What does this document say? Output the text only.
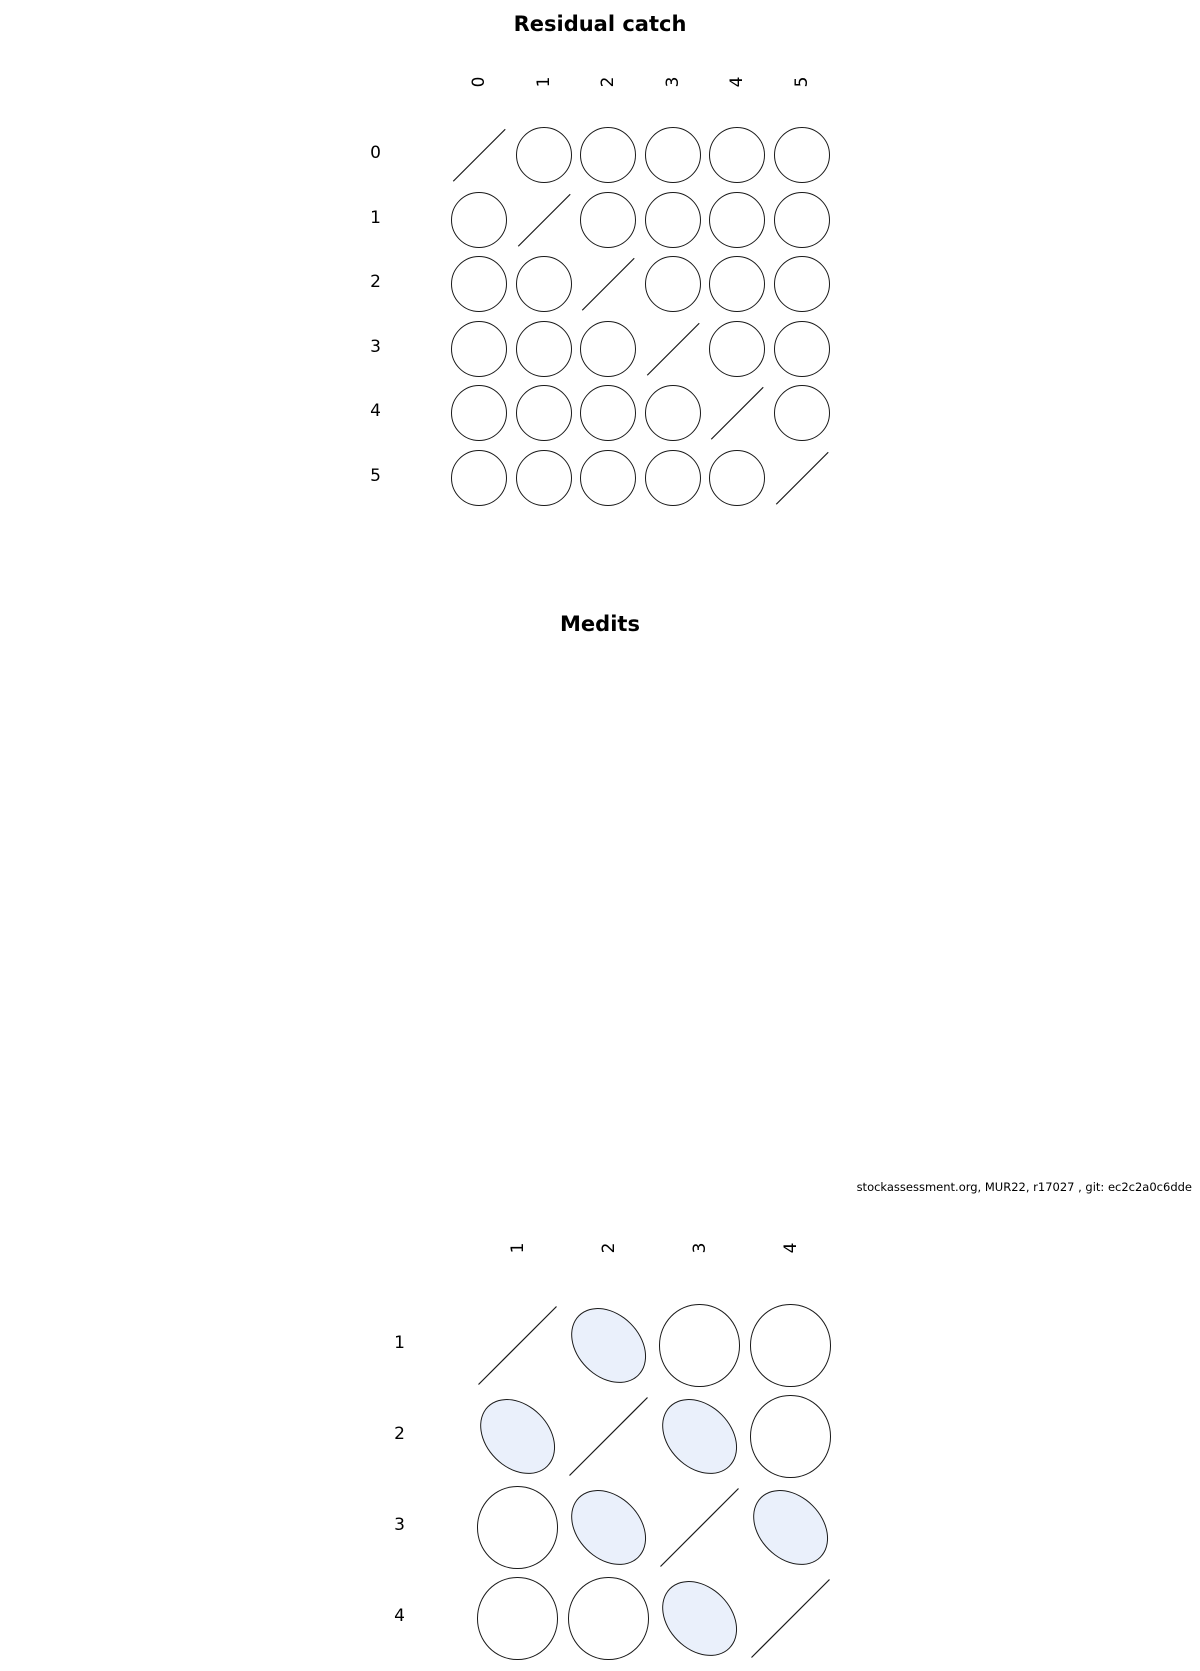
Residual catch
0	1	2	3	4	5
0
1
2
3
4
5
Medits
1	2	3	4
1
2
3
4
stockassessment.org, MUR22, r17027 , git: ec2c2a0c6dde
